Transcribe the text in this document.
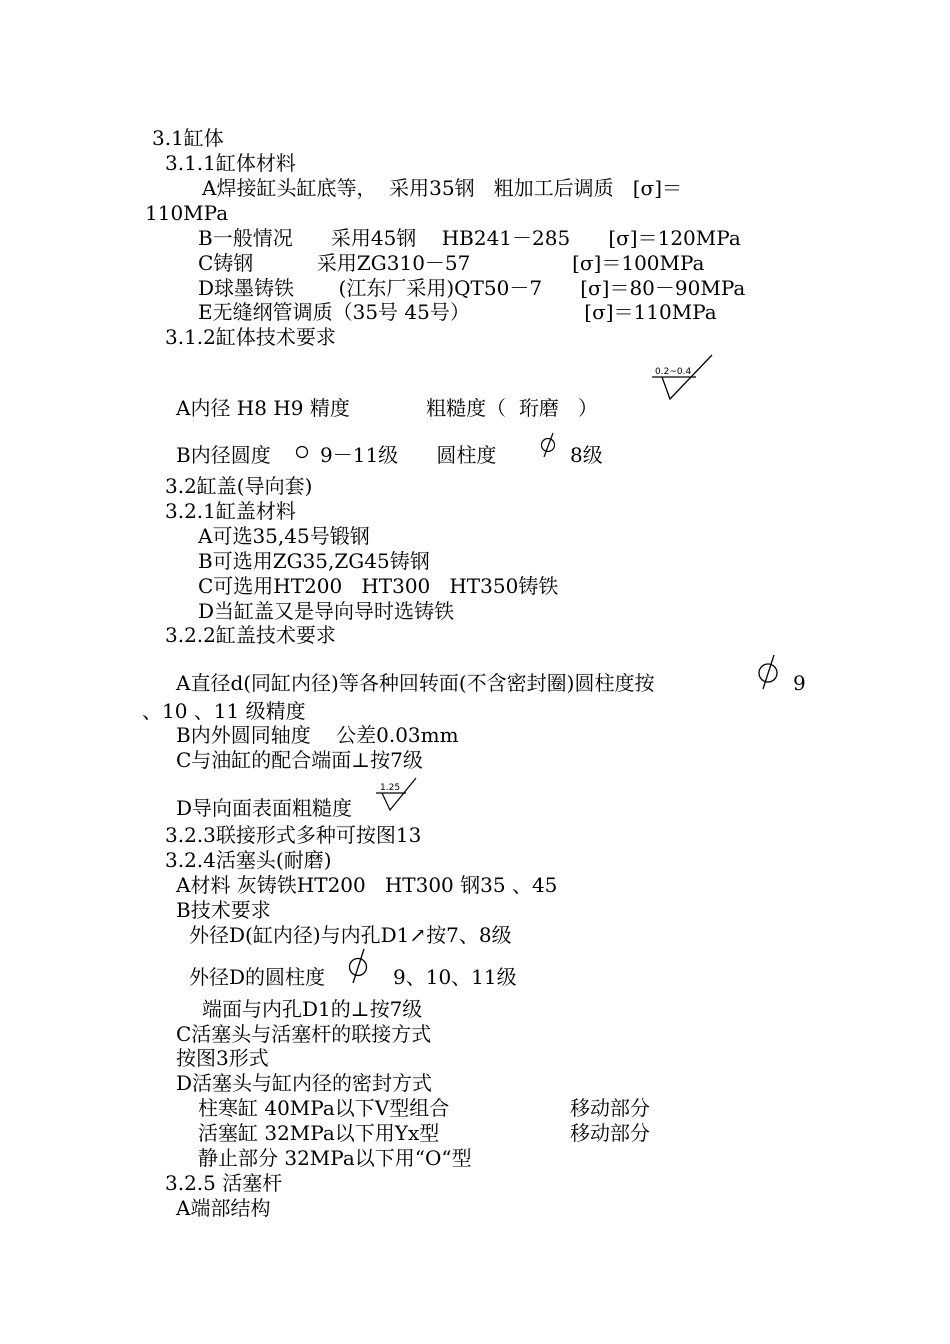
3.1缸体
3.1.1缸体材料
A焊接缸头缸底等，  采用35钢   粗加工后调质   [σ]＝
110MPa
B一般情况      采用45钢    HB241－285      [σ]＝120MPa
C铸钢          采用ZG310－57                [σ]＝100MPa
D球墨铸铁       (江东厂采用)QT50－7      [σ]＝80－90MPa
E无缝纲管调质（35号 45号）                  [σ]＝110MPa
3.1.2缸体技术要求
0.2~0.4
A内径 H8 H9 精度            粗糙度（  珩磨   ）
B内径圆度 9－11级      圆柱度	8级
3.2缸盖(导向套)
3.2.1缸盖材料
A可选35,45号锻钢
B可选用ZG35,ZG45铸钢
C可选用HT200   HT300   HT350铸铁
D当缸盖又是导向导时选铸铁
3.2.2缸盖技术要求
A直径d(同缸内径)等各种回转面(不含密封圈)圆柱度按	9
、10 、11 级精度
B内外圆同轴度    公差0.03mm
C与油缸的配合端面⊥按7级
D导向面表面粗糙度
1.25
3.2.3联接形式多种可按图13
3.2.4活塞头(耐磨)
A材料 灰铸铁HT200   HT300 钢35 、45
B技术要求
外径D(缸内径)与内孔D1↗按7、8级
外径D的圆柱度	9、10、11级
端面与内孔D1的⊥按7级
C活塞头与活塞杆的联接方式
按图3形式
D活塞头与缸内径的密封方式
柱寒缸 40MPa以下V型组合	移动部分
活塞缸 32MPa以下用Yx型	移动部分
静止部分 32MPa以下用“O“型
3.2.5 活塞杆
A端部结构
